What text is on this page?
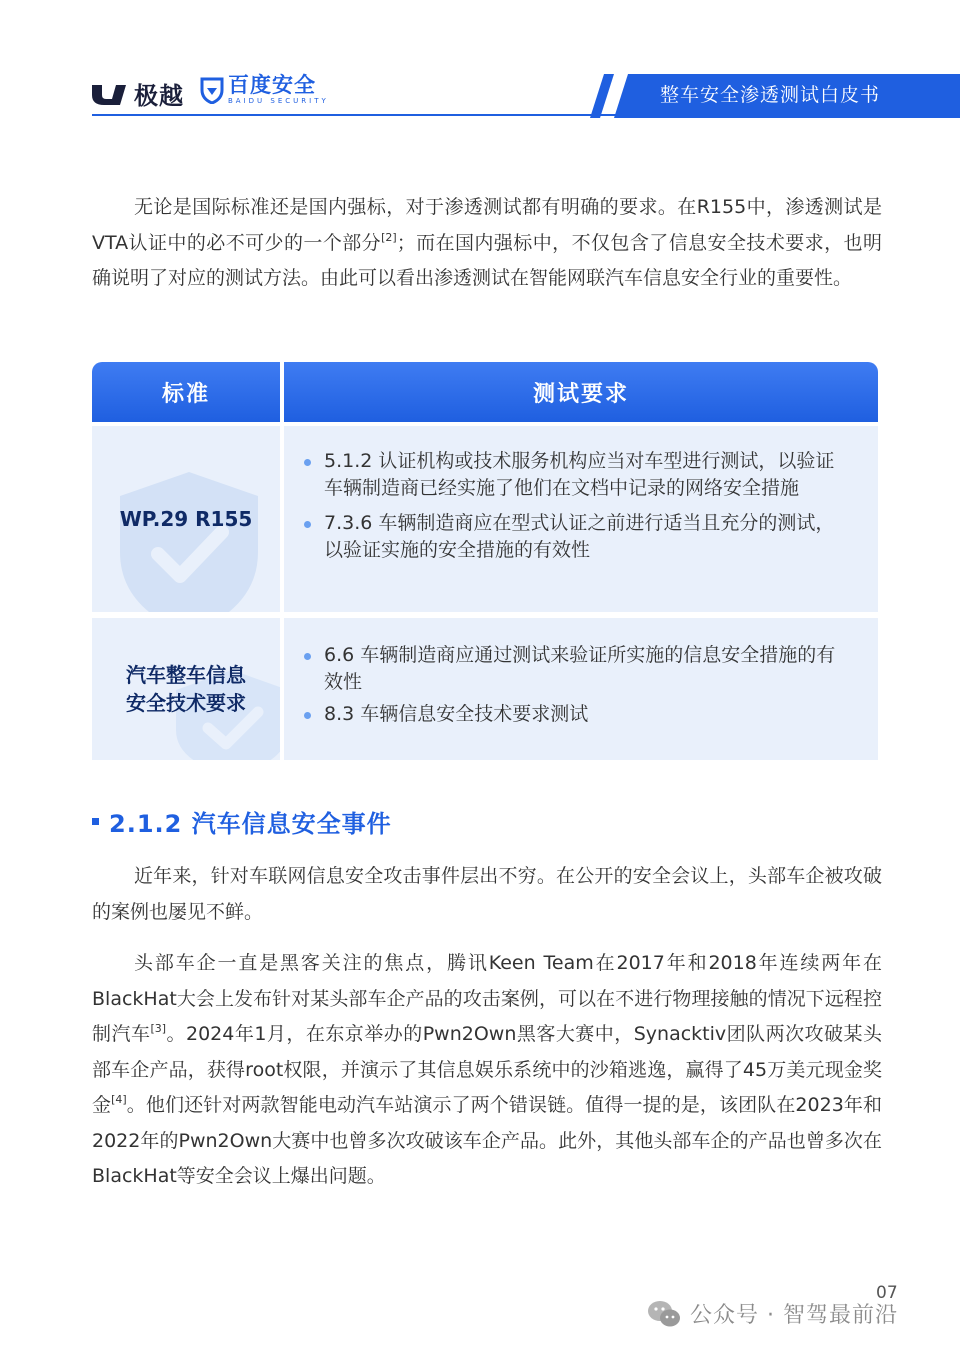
极越 百度安全
BAIDU SECURITY	整车安全渗透测试白皮书

无论是国际标准还是国内强标，对于渗透测试都有明确的要求。在R155中，渗透测试是VTA认证中的必不可少的一个部分[2]；而在国内强标中，不仅包含了信息安全技术要求，也明确说明了对应的测试方法。由此可以看出渗透测试在智能网联汽车信息安全行业的重要性。

标准	测试要求
WP.29 R155
5.1.2 认证机构或技术服务机构应当对车型进行测试，以验证车辆制造商已经实施了他们在文档中记录的网络安全措施
7.3.6 车辆制造商应在型式认证之前进行适当且充分的测试，以验证实施的安全措施的有效性
汽车整车信息
安全技术要求
6.6 车辆制造商应通过测试来验证所实施的信息安全措施的有效性
8.3 车辆信息安全技术要求测试
2.1.2 汽车信息安全事件

近年来，针对车联网信息安全攻击事件层出不穷。在公开的安全会议上，头部车企被攻破的案例也屡见不鲜。

头部车企一直是黑客关注的焦点，腾讯Keen Team在2017年和2018年连续两年在BlackHat大会上发布针对某头部车企产品的攻击案例，可以在不进行物理接触的情况下远程控制汽车[3]。2024年1月，在东京举办的Pwn2Own黑客大赛中，Synacktiv团队两次攻破某头部车企产品，获得root权限，并演示了其信息娱乐系统中的沙箱逃逸，赢得了45万美元现金奖金[4]。他们还针对两款智能电动汽车站演示了两个错误链。值得一提的是，该团队在2023年和2022年的Pwn2Own大赛中也曾多次攻破该车企产品。此外，其他头部车企的产品也曾多次在BlackHat等安全会议上爆出问题。

07
公众号 · 智驾最前沿
